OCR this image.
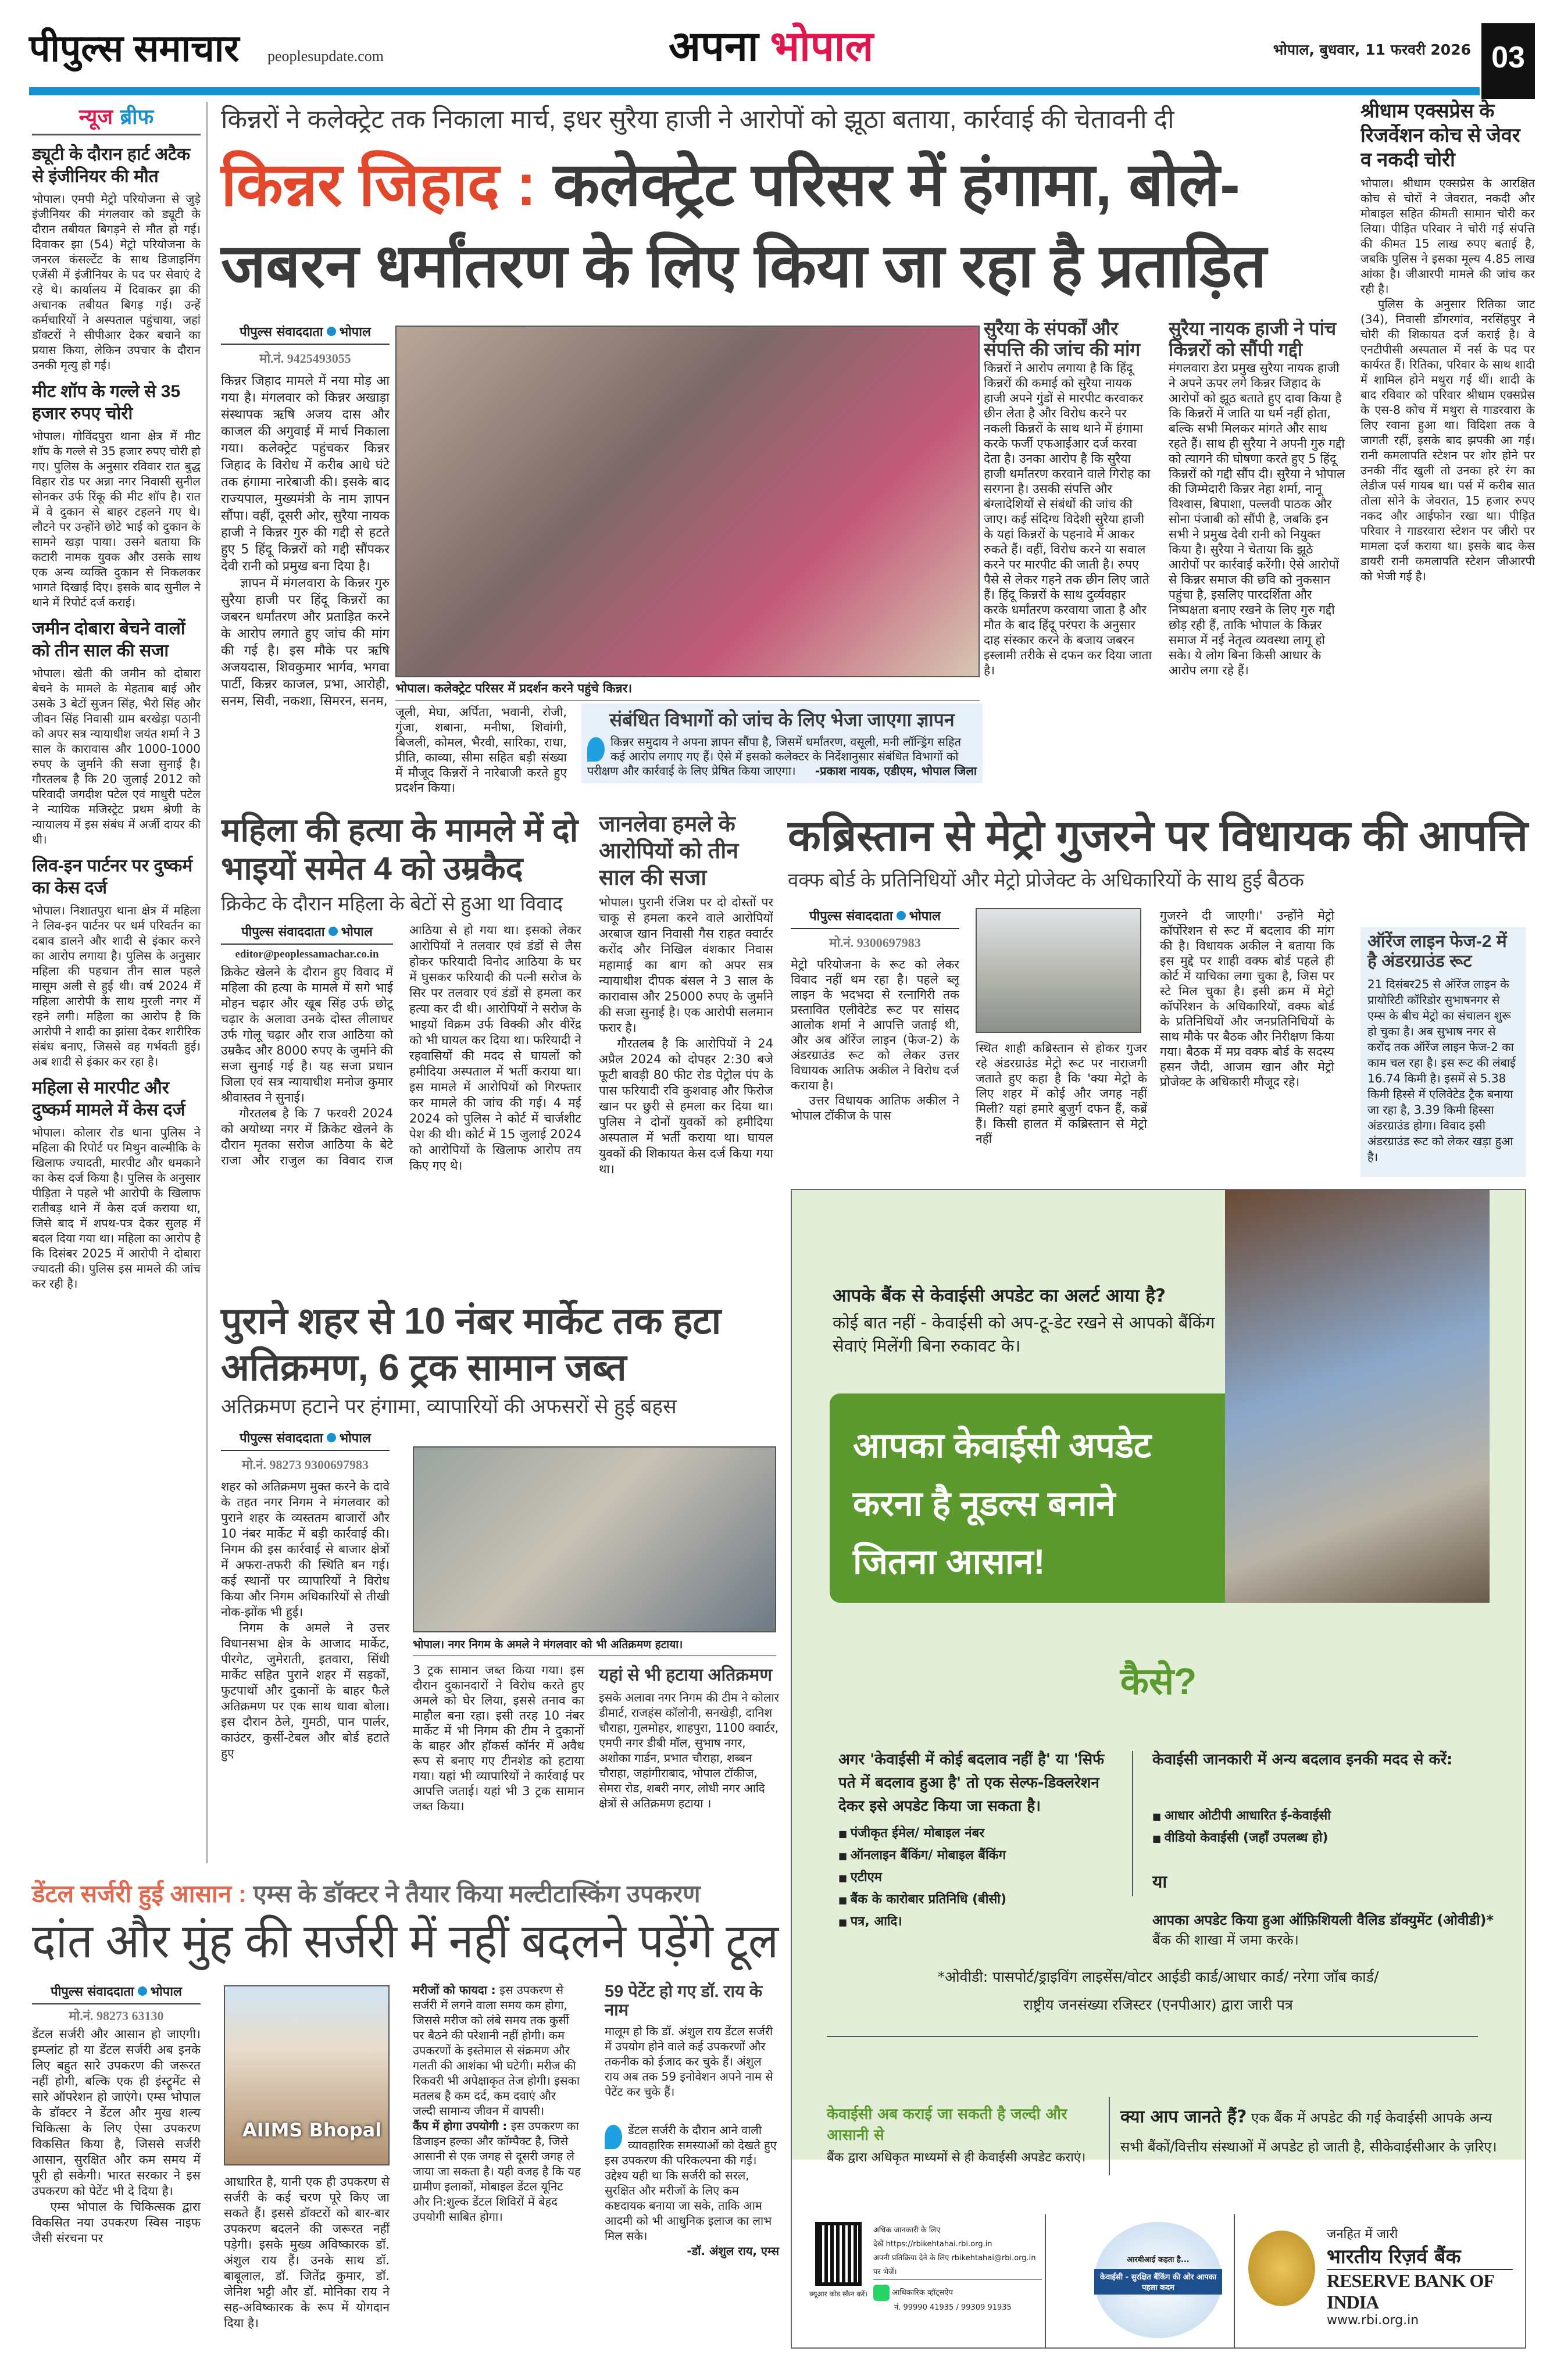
पीपुल्स समाचार peoplesupdate.com	अपना भोपाल	भोपाल, बुधवार, 11 फरवरी 2026 03
न्यूज ब्रीफ
ड्यूटी के दौरान हार्ट अटैक से इंजीनियर की मौत

भोपाल। एमपी मेट्रो परियोजना से जुड़े इंजीनियर की मंगलवार को ड्यूटी के दौरान तबीयत बिगड़ने से मौत हो गई। दिवाकर झा (54) मेट्रो परियोजना के जनरल कंसल्टेंट के साथ डिजाइनिंग एजेंसी में इंजीनियर के पद पर सेवाएं दे रहे थे। कार्यालय में दिवाकर झा की अचानक तबीयत बिगड़ गई। उन्हें कर्मचारियों ने अस्पताल पहुंचाया, जहां डॉक्टरों ने सीपीआर देकर बचाने का प्रयास किया, लेकिन उपचार के दौरान उनकी मृत्यु हो गई।

मीट शॉप के गल्ले से 35 हजार रुपए चोरी

भोपाल। गोविंदपुरा थाना क्षेत्र में मीट शॉप के गल्ले से 35 हजार रुपए चोरी हो गए। पुलिस के अनुसार रविवार रात बुद्ध विहार रोड पर अन्ना नगर निवासी सुनील सोनकर उर्फ रिंकू की मीट शॉप है। रात में वे दुकान से बाहर टहलने गए थे। लौटने पर उन्होंने छोटे भाई को दुकान के सामने खड़ा पाया। उसने बताया कि कटारी नामक युवक और उसके साथ एक अन्य व्यक्ति दुकान से निकलकर भागते दिखाई दिए। इसके बाद सुनील ने थाने में रिपोर्ट दर्ज कराई।

जमीन दोबारा बेचने वालों को तीन साल की सजा

भोपाल। खेती की जमीन को दोबारा बेचने के मामले के मेहताब बाई और उसके 3 बेटों सुजन सिंह, भैरो सिंह और जीवन सिंह निवासी ग्राम बरखेड़ा पठानी को अपर सत्र न्यायाधीश जयंत शर्मा ने 3 साल के कारावास और 1000-1000 रुपए के जुर्माने की सजा सुनाई है। गौरतलब है कि 20 जुलाई 2012 को परिवादी जगदीश पटेल एवं माधुरी पटेल ने न्यायिक मजिस्ट्रेट प्रथम श्रेणी के न्यायालय में इस संबंध में अर्जी दायर की थी।

लिव-इन पार्टनर पर दुष्कर्म का केस दर्ज

भोपाल। निशातपुरा थाना क्षेत्र में महिला ने लिव-इन पार्टनर पर धर्म परिवर्तन का दबाव डालने और शादी से इंकार करने का आरोप लगाया है। पुलिस के अनुसार महिला की पहचान तीन साल पहले मासूम अली से हुई थी। वर्ष 2024 में महिला आरोपी के साथ मुरली नगर में रहने लगी। महिला का आरोप है कि आरोपी ने शादी का झांसा देकर शारीरिक संबंध बनाए, जिससे वह गर्भवती हुई। अब शादी से इंकार कर रहा है।

महिला से मारपीट और दुष्कर्म मामले में केस दर्ज

भोपाल। कोलार रोड थाना पुलिस ने महिला की रिपोर्ट पर मिथुन वाल्मीकि के खिलाफ ज्यादती, मारपीट और धमकाने का केस दर्ज किया है। पुलिस के अनुसार पीड़िता ने पहले भी आरोपी के खिलाफ रातीबड़ थाने में केस दर्ज कराया था, जिसे बाद में शपथ-पत्र देकर सुलह में बदल दिया गया था। महिला का आरोप है कि दिसंबर 2025 में आरोपी ने दोबारा ज्यादती की। पुलिस इस मामले की जांच कर रही है।

किन्नरों ने कलेक्ट्रेट तक निकाला मार्च, इधर सुरैया हाजी ने आरोपों को झूठा बताया, कार्रवाई की चेतावनी दी
किन्नर जिहाद : कलेक्ट्रेट परिसर में हंगामा, बोले-
जबरन धर्मांतरण के लिए किया जा रहा है प्रताड़ित
पीपुल्स संवाददाता भोपाल
मो.नं. 9425493055

किन्नर जिहाद मामले में नया मोड़ आ गया है। मंगलवार को किन्नर अखाड़ा संस्थापक ऋषि अजय दास और काजल की अगुवाई में मार्च निकाला गया। कलेक्ट्रेट पहुंचकर किन्नर जिहाद के विरोध में करीब आधे घंटे तक हंगामा नारेबाजी की। इसके बाद राज्यपाल, मुख्यमंत्री के नाम ज्ञापन सौंपा। वहीं, दूसरी ओर, सुरैया नायक हाजी ने किन्नर गुरु की गद्दी से हटते हुए 5 हिंदू किन्नरों को गद्दी सौंपकर देवी रानी को प्रमुख बना दिया है।

ज्ञापन में मंगलवारा के किन्नर गुरु सुरैया हाजी पर हिंदू किन्नरों का जबरन धर्मांतरण और प्रताड़ित करने के आरोप लगाते हुए जांच की मांग की गई है। इस मौके पर ऋषि अजयदास, शिवकुमार भार्गव, भगवा पार्टी, किन्नर काजल, प्रभा, आरोही, सनम, सिवी, नकशा, सिमरन, सनम,

भोपाल। कलेक्ट्रेट परिसर में प्रदर्शन करने पहुंचे किन्नर।
जूली, मेघा, अर्पिता, भवानी, रोजी, गुंजा, शबाना, मनीषा, शिवांगी, बिजली, कोमल, भैरवी, सारिका, राधा, प्रीति, काव्या, सीमा सहित बड़ी संख्या में मौजूद किन्नरों ने नारेबाजी करते हुए प्रदर्शन किया।
संबंधित विभागों को जांच के लिए भेजा जाएगा ज्ञापन
किन्नर समुदाय ने अपना ज्ञापन सौंपा है, जिसमें धर्मांतरण, वसूली, मनी लॉन्ड्रिंग सहित कई आरोप लगाए गए हैं। ऐसे में इसको कलेक्टर के निर्देशानुसार संबंधित विभागों को परीक्षण और कार्रवाई के लिए प्रेषित किया जाएगा। -प्रकाश नायक, एडीएम, भोपाल जिला
सुरैया के संपर्कों और संपत्ति की जांच की मांग
किन्नरों ने आरोप लगाया है कि हिंदू किन्नरों की कमाई को सुरैया नायक हाजी अपने गुंडों से मारपीट करवाकर छीन लेता है और विरोध करने पर नकली किन्नरों के साथ थाने में हंगामा करके फर्जी एफआईआर दर्ज करवा देता है। उनका आरोप है कि सुरैया हाजी धर्मांतरण करवाने वाले गिरोह का सरगना है। उसकी संपत्ति और बंग्लादेशियों से संबंधों की जांच की जाए। कई संदिग्ध विदेशी सुरैया हाजी के यहां किन्नरों के पहनावे में आकर रुकते हैं। वहीं, विरोध करने या सवाल करने पर मारपीट की जाती है। रुपए पैसे से लेकर गहने तक छीन लिए जाते हैं। हिंदू किन्नरों के साथ दुर्व्यवहार करके धर्मांतरण करवाया जाता है और मौत के बाद हिंदू परंपरा के अनुसार दाह संस्कार करने के बजाय जबरन इस्लामी तरीके से दफन कर दिया जाता है।
सुरैया नायक हाजी ने पांच किन्नरों को सौंपी गद्दी
मंगलवारा डेरा प्रमुख सुरैया नायक हाजी ने अपने ऊपर लगे किन्नर जिहाद के आरोपों को झूठ बताते हुए दावा किया है कि किन्नरों में जाति या धर्म नहीं होता, बल्कि सभी मिलकर मांगते और साथ रहते हैं। साथ ही सुरैया ने अपनी गुरु गद्दी को त्यागने की घोषणा करते हुए 5 हिंदू किन्नरों को गद्दी सौंप दी। सुरैया ने भोपाल की जिम्मेदारी किन्नर नेहा शर्मा, नानू विश्वास, बिपाशा, पल्लवी पाठक और सोना पंजाबी को सौंपी है, जबकि इन सभी ने प्रमुख देवी रानी को नियुक्त किया है। सुरैया ने चेताया कि झूठे आरोपों पर कार्रवाई करेंगी। ऐसे आरोपों से किन्नर समाज की छवि को नुकसान पहुंचा है, इसलिए पारदर्शिता और निष्पक्षता बनाए रखने के लिए गुरु गद्दी छोड़ रही हैं, ताकि भोपाल के किन्नर समाज में नई नेतृत्व व्यवस्था लागू हो सके। ये लोग बिना किसी आधार के आरोप लगा रहे हैं।
श्रीधाम एक्सप्रेस के रिजर्वेशन कोच से जेवर व नकदी चोरी

भोपाल। श्रीधाम एक्सप्रेस के आरक्षित कोच से चोरों ने जेवरात, नकदी और मोबाइल सहित कीमती सामान चोरी कर लिया। पीड़ित परिवार ने चोरी गई संपत्ति की कीमत 15 लाख रुपए बताई है, जबकि पुलिस ने इसका मूल्य 4.85 लाख आंका है। जीआरपी मामले की जांच कर रही है।

पुलिस के अनुसार रितिका जाट (34), निवासी डोंगरगांव, नरसिंहपुर ने चोरी की शिकायत दर्ज कराई है। वे एनटीपीसी अस्पताल में नर्स के पद पर कार्यरत हैं। रितिका, परिवार के साथ शादी में शामिल होने मथुरा गई थीं। शादी के बाद रविवार को परिवार श्रीधाम एक्सप्रेस के एस-8 कोच में मथुरा से गाडरवारा के लिए रवाना हुआ था। विदिशा तक वे जागती रहीं, इसके बाद झपकी आ गई। रानी कमलापति स्टेशन पर शोर होने पर उनकी नींद खुली तो उनका हरे रंग का लेडीज पर्स गायब था। पर्स में करीब सात तोला सोने के जेवरात, 15 हजार रुपए नकद और आईफोन रखा था। पीड़ित परिवार ने गाडरवारा स्टेशन पर जीरो पर मामला दर्ज कराया था। इसके बाद केस डायरी रानी कमलापति स्टेशन जीआरपी को भेजी गई है।

महिला की हत्या के मामले में दो भाइयों समेत 4 को उम्रकैद
क्रिकेट के दौरान महिला के बेटों से हुआ था विवाद
पीपुल्स संवाददाता भोपाल
editor@peoplessamachar.co.in

क्रिकेट खेलने के दौरान हुए विवाद में महिला की हत्या के मामले में सगे भाई मोहन चढ़ार और खूब सिंह उर्फ छोटू चढ़ार के अलावा उनके दोस्त लीलाधर उर्फ गोलू चढ़ार और राज आठिया को उम्रकैद और 8000 रुपए के जुर्माने की सजा सुनाई गई है। यह सजा प्रधान जिला एवं सत्र न्यायाधीश मनोज कुमार श्रीवास्तव ने सुनाई।

गौरतलब है कि 7 फरवरी 2024 को अयोध्या नगर में क्रिकेट खेलने के दौरान मृतका सरोज आठिया के बेटे राजा और राजुल का विवाद राज आठिया से हो गया था। इसको लेकर आरोपियों ने तलवार एवं डंडों से लैस होकर फरियादी विनोद आठिया के घर में घुसकर फरियादी की पत्नी सरोज के सिर पर तलवार एवं डंडों से हमला कर हत्या कर दी थी। आरोपियों ने सरोज के भाइयों विक्रम उर्फ विक्की और वीरेंद्र को भी घायल कर दिया था। फरियादी ने रहवासियों की मदद से घायलों को हमीदिया अस्पताल में भर्ती कराया था। इस मामले में आरोपियों को गिरफ्तार कर मामले की जांच की गई। 4 मई 2024 को पुलिस ने कोर्ट में चार्जशीट पेश की थी। कोर्ट में 15 जुलाई 2024 को आरोपियों के खिलाफ आरोप तय किए गए थे।

जानलेवा हमले के आरोपियों को तीन साल की सजा

भोपाल। पुरानी रंजिश पर दो दोस्तों पर चाकू से हमला करने वाले आरोपियों अरबाज खान निवासी गैस राहत क्वार्टर करोंद और निखिल वंशकार निवास महामाई का बाग को अपर सत्र न्यायाधीश दीपक बंसल ने 3 साल के कारावास और 25000 रुपए के जुर्माने की सजा सुनाई है। एक आरोपी सलमान फरार है।

गौरतलब है कि आरोपियों ने 24 अप्रैल 2024 को दोपहर 2:30 बजे फूटी बावड़ी 80 फीट रोड पेट्रोल पंप के पास फरियादी रवि कुशवाह और फिरोज खान पर छुरी से हमला कर दिया था। पुलिस ने दोनों युवकों को हमीदिया अस्पताल में भर्ती कराया था। घायल युवकों की शिकायत केस दर्ज किया गया था।

कब्रिस्तान से मेट्रो गुजरने पर विधायक की आपत्ति
वक्फ बोर्ड के प्रतिनिधियों और मेट्रो प्रोजेक्ट के अधिकारियों के साथ हुई बैठक
पीपुल्स संवाददाता भोपाल
मो.नं. 9300697983

मेट्रो परियोजना के रूट को लेकर विवाद नहीं थम रहा है। पहले ब्लू लाइन के भदभदा से रत्नागिरी तक प्रस्तावित एलीवेटेड रूट पर सांसद आलोक शर्मा ने आपत्ति जताई थी, और अब ऑरेंज लाइन (फेज-2) के अंडरग्राउंड रूट को लेकर उत्तर विधायक आतिफ अकील ने विरोध दर्ज कराया है।

उत्तर विधायक आतिफ अकील ने भोपाल टॉकीज के पास

स्थित शाही कब्रिस्तान से होकर गुजर रहे अंडरग्राउंड मेट्रो रूट पर नाराजगी जताते हुए कहा है कि 'क्या मेट्रो के लिए शहर में कोई और जगह नहीं मिली? यहां हमारे बुजुर्ग दफन हैं, कब्रें हैं। किसी हालत में कब्रिस्तान से मेट्रो नहीं
गुजरने दी जाएगी।' उन्होंने मेट्रो कॉर्पोरेशन से रूट में बदलाव की मांग की है। विधायक अकील ने बताया कि इस मुद्दे पर शाही वक्फ बोर्ड पहले ही कोर्ट में याचिका लगा चुका है, जिस पर स्टे मिल चुका है। इसी क्रम में मेट्रो कॉर्पोरेशन के अधिकारियों, वक्फ बोर्ड के प्रतिनिधियों और जनप्रतिनिधियों के साथ मौके पर बैठक और निरीक्षण किया गया। बैठक में मप्र वक्फ बोर्ड के सदस्य हसन जैदी, आजम खान और मेट्रो प्रोजेक्ट के अधिकारी मौजूद रहे।
ऑरेंज लाइन फेज-2 में है अंडरग्राउंड रूट
21 दिसंबर25 से ऑरेंज लाइन के प्रायोरिटी कॉरिडोर सुभाषनगर से एम्स के बीच मेट्रो का संचालन शुरू हो चुका है। अब सुभाष नगर से करोंद तक ऑरेंज लाइन फेज-2 का काम चल रहा है। इस रूट की लंबाई 16.74 किमी है। इसमें से 5.38 किमी हिस्से में एलिवेटेड ट्रैक बनाया जा रहा है, 3.39 किमी हिस्सा अंडरग्राउंड होगा। विवाद इसी अंडरग्राउंड रूट को लेकर खड़ा हुआ है।
पुराने शहर से 10 नंबर मार्केट तक हटा अतिक्रमण, 6 ट्रक सामान जब्त
अतिक्रमण हटाने पर हंगामा, व्यापारियों की अफसरों से हुई बहस
पीपुल्स संवाददाता भोपाल
मो.नं. 98273 9300697983

शहर को अतिक्रमण मुक्त करने के दावे के तहत नगर निगम ने मंगलवार को पुराने शहर के व्यस्ततम बाजारों और 10 नंबर मार्केट में बड़ी कार्रवाई की। निगम की इस कार्रवाई से बाजार क्षेत्रों में अफरा-तफरी की स्थिति बन गई। कई स्थानों पर व्यापारियों ने विरोध किया और निगम अधिकारियों से तीखी नोक-झोंक भी हुई।

निगम के अमले ने उत्तर विधानसभा क्षेत्र के आजाद मार्केट, पीरगेट, जुमेराती, इतवारा, सिंधी मार्केट सहित पुराने शहर में सड़कों, फुटपाथों और दुकानों के बाहर फैले अतिक्रमण पर एक साथ धावा बोला। इस दौरान ठेले, गुमठी, पान पार्लर, काउंटर, कुर्सी-टेबल और बोर्ड हटाते हुए

भोपाल। नगर निगम के अमले ने मंगलवार को भी अतिक्रमण हटाया।
3 ट्रक सामान जब्त किया गया। इस दौरान दुकानदारों ने विरोध करते हुए अमले को घेर लिया, इससे तनाव का माहौल बना रहा। इसी तरह 10 नंबर मार्केट में भी निगम की टीम ने दुकानों के बाहर और हॉकर्स कॉर्नर में अवैध रूप से बनाए गए टीनशेड को हटाया गया। यहां भी व्यापारियों ने कार्रवाई पर आपत्ति जताई। यहां भी 3 ट्रक सामान जब्त किया।
यहां से भी हटाया अतिक्रमण
इसके अलावा नगर निगम की टीम ने कोलार डीमार्ट, राजहंस कॉलोनी, सनखेड़ी, दानिश चौराहा, गुलमोहर, शाहपुरा, 1100 क्वार्टर, एमपी नगर डीबी मॉल, सुभाष नगर, अशोका गार्डन, प्रभात चौराहा, शब्बन चौराहा, जहांगीराबाद, भोपाल टॉकीज, सेमरा रोड, शबरी नगर, लोधी नगर आदि क्षेत्रों से अतिक्रमण हटाया ।
डेंटल सर्जरी हुई आसान : एम्स के डॉक्टर ने तैयार किया मल्टीटास्किंग उपकरण
दांत और मुंह की सर्जरी में नहीं बदलने पड़ेंगे टूल
पीपुल्स संवाददाता भोपाल
मो.नं. 98273 63130

डेंटल सर्जरी और आसान हो जाएगी। इम्प्लांट हो या डेंटल सर्जरी अब इनके लिए बहुत सारे उपकरण की जरूरत नहीं होगी, बल्कि एक ही इंस्ट्रूमेंट से सारे ऑपरेशन हो जाएंगे। एम्स भोपाल के डॉक्टर ने डेंटल और मुख शल्य चिकित्सा के लिए ऐसा उपकरण विकसित किया है, जिससे सर्जरी आसान, सुरक्षित और कम समय में पूरी हो सकेगी। भारत सरकार ने इस उपकरण को पेटेंट भी दे दिया है।

एम्स भोपाल के चिकित्सक द्वारा विकसित नया उपकरण स्विस नाइफ जैसी संरचना पर

AIIMS Bhopal
आधारित है, यानी एक ही उपकरण से सर्जरी के कई चरण पूरे किए जा सकते हैं। इससे डॉक्टरों को बार-बार उपकरण बदलने की जरूरत नहीं पड़ेगी। इसके मुख्य अविष्कारक डॉ. अंशुल राय हैं। उनके साथ डॉ. बाबूलाल, डॉ. जितेंद्र कुमार, डॉ. जेनिश भट्टी और डॉ. मोनिका राय ने सह-अविष्कारक के रूप में योगदान दिया है।
मरीजों को फायदा : इस उपकरण से सर्जरी में लगने वाला समय कम होगा, जिससे मरीज को लंबे समय तक कुर्सी पर बैठने की परेशानी नहीं होगी। कम उपकरणों के इस्तेमाल से संक्रमण और गलती की आशंका भी घटेगी। मरीज की रिकवरी भी अपेक्षाकृत तेज होगी। इसका मतलब है कम दर्द, कम दवाएं और जल्दी सामान्य जीवन में वापसी।
कैंप में होगा उपयोगी : इस उपकरण का डिजाइन हल्का और कॉम्पैक्ट है, जिसे आसानी से एक जगह से दूसरी जगह ले जाया जा सकता है। यही वजह है कि यह ग्रामीण इलाकों, मोबाइल डेंटल यूनिट और नि:शुल्क डेंटल शिविरों में बेहद उपयोगी साबित होगा।
59 पेटेंट हो गए डॉ. राय के नाम
मालूम हो कि डॉ. अंशुल राय डेंटल सर्जरी में उपयोग होने वाले कई उपकरणों और तकनीक को ईजाद कर चुके हैं। अंशुल राय अब तक 59 इनोवेशन अपने नाम से पेटेंट कर चुके हैं।
डेंटल सर्जरी के दौरान आने वाली व्यावहारिक समस्याओं को देखते हुए इस उपकरण की परिकल्पना की गई। उद्देश्य यही था कि सर्जरी को सरल, सुरक्षित और मरीजों के लिए कम कष्टदायक बनाया जा सके, ताकि आम आदमी को भी आधुनिक इलाज का लाभ मिल सके।
-डॉ. अंशुल राय, एम्स
आपके बैंक से केवाईसी अपडेट का अलर्ट आया है?
कोई बात नहीं - केवाईसी को अप-टू-डेट रखने से आपको बैंकिंग सेवाएं मिलेंगी बिना रुकावट के।
आपका केवाईसी अपडेट करना है नूडल्स बनाने जितना आसान!
कैसे?
अगर 'केवाईसी में कोई बदलाव नहीं है' या 'सिर्फ पते में बदलाव हुआ है' तो एक सेल्फ-डिक्लरेशन देकर इसे अपडेट किया जा सकता है।
■ पंजीकृत ईमेल/ मोबाइल नंबर
■ ऑनलाइन बैंकिंग/ मोबाइल बैंकिंग
■ एटीएम
■ बैंक के कारोबार प्रतिनिधि (बीसी)
■ पत्र, आदि।
केवाईसी जानकारी में अन्य बदलाव इनकी मदद से करें:
■ आधार ओटीपी आधारित ई-केवाईसी
■ वीडियो केवाईसी (जहाँ उपलब्ध हो)
या
आपका अपडेट किया हुआ ऑफ़िशियली वैलिड डॉक्युमेंट (ओवीडी)* बैंक की शाखा में जमा करके।
*ओवीडी: पासपोर्ट/ड्राइविंग लाइसेंस/वोटर आईडी कार्ड/आधार कार्ड/ नरेगा जॉब कार्ड/राष्ट्रीय जनसंख्या रजिस्टर (एनपीआर) द्वारा जारी पत्र
केवाईसी अब कराई जा सकती है जल्दी और आसानी से
बैंक द्वारा अधिकृत माध्यमों से ही केवाईसी अपडेट कराएं।
क्या आप जानते हैं? एक बैंक में अपडेट की गई केवाईसी आपके अन्य सभी बैंकों/वित्तीय संस्थाओं में अपडेट हो जाती है, सीकेवाईसीआर के ज़रिए।
क्यूआर कोड स्कैन करें।
अधिक जानकारी के लिए
देखें https://rbikehtahai.rbi.org.in
अपनी प्रतिक्रिया देने के लिए rbikehtahai@rbi.org.in पर भेजें।
आधिकारिक व्हॉट्सऐप
नं. 99990 41935 / 99309 91935
आरबीआई कहता है...
केवाईसी - सुरक्षित बैंकिंग की ओर आपका पहला कदम
जनहित में जारी
भारतीय रिज़र्व बैंक
RESERVE BANK OF INDIA
www.rbi.org.in
